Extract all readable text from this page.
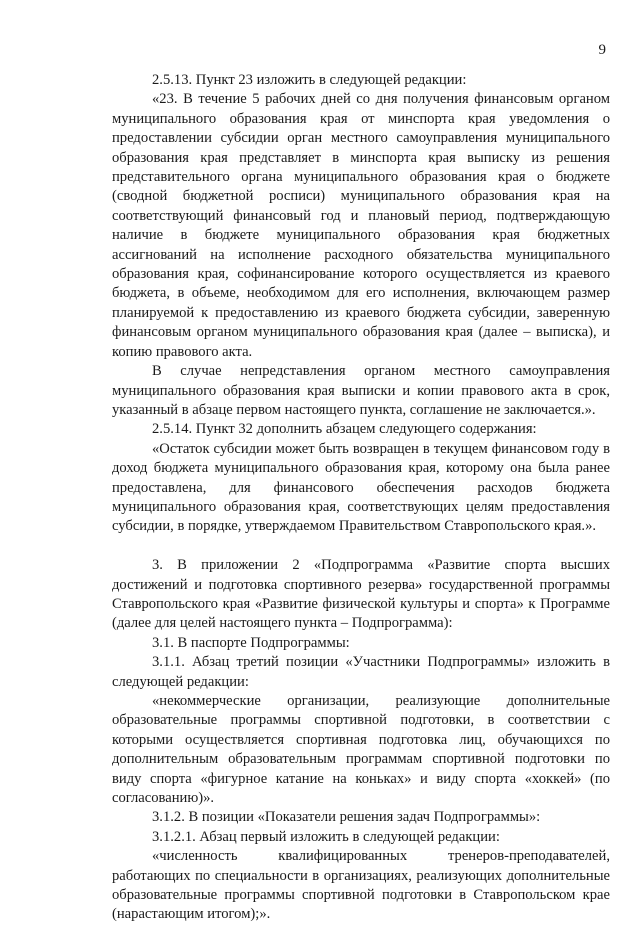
9

2.5.13. Пункт 23 изложить в следующей редакции:

«23. В течение 5 рабочих дней со дня получения финансовым органом муниципального образования края от минспорта края уведомления о предоставлении субсидии орган местного самоуправления муниципального образования края представляет в минспорта края выписку из решения представительного органа муниципального образования края о бюджете (сводной бюджетной росписи) муниципального образования края на соответствующий финансовый год и плановый период, подтверждающую наличие в бюджете муниципального образования края бюджетных ассигнований на исполнение расходного обязательства муниципального образования края, софинансирование которого осуществляется из краевого бюджета, в объеме, необходимом для его исполнения, включающем размер планируемой к предоставлению из краевого бюджета субсидии, заверенную финансовым органом муниципального образования края (далее – выписка), и копию правового акта.

В случае непредставления органом местного самоуправления муниципального образования края выписки и копии правового акта в срок, указанный в абзаце первом настоящего пункта, соглашение не заключается.».

2.5.14. Пункт 32 дополнить абзацем следующего содержания:

«Остаток субсидии может быть возвращен в текущем финансовом году в доход бюджета муниципального образования края, которому она была ранее предоставлена, для финансового обеспечения расходов бюджета муниципального образования края, соответствующих целям предоставления субсидии, в порядке, утверждаемом Правительством Ставропольского края.».

3. В приложении 2 «Подпрограмма «Развитие спорта высших достижений и подготовка спортивного резерва» государственной программы Ставропольского края «Развитие физической культуры и спорта» к Программе (далее для целей настоящего пункта – Подпрограмма):

3.1. В паспорте Подпрограммы:

3.1.1. Абзац третий позиции «Участники Подпрограммы» изложить в следующей редакции:

«некоммерческие организации, реализующие дополнительные образовательные программы спортивной подготовки, в соответствии с которыми осуществляется спортивная подготовка лиц, обучающихся по дополнительным образовательным программам спортивной подготовки по виду спорта «фигурное катание на коньках» и виду спорта «хоккей» (по согласованию)».

3.1.2. В позиции «Показатели решения задач Подпрограммы»:

3.1.2.1. Абзац первый изложить в следующей редакции:

«численность квалифицированных тренеров-преподавателей, работающих по специальности в организациях, реализующих дополнительные образовательные программы спортивной подготовки в Ставропольском крае (нарастающим итогом);».
